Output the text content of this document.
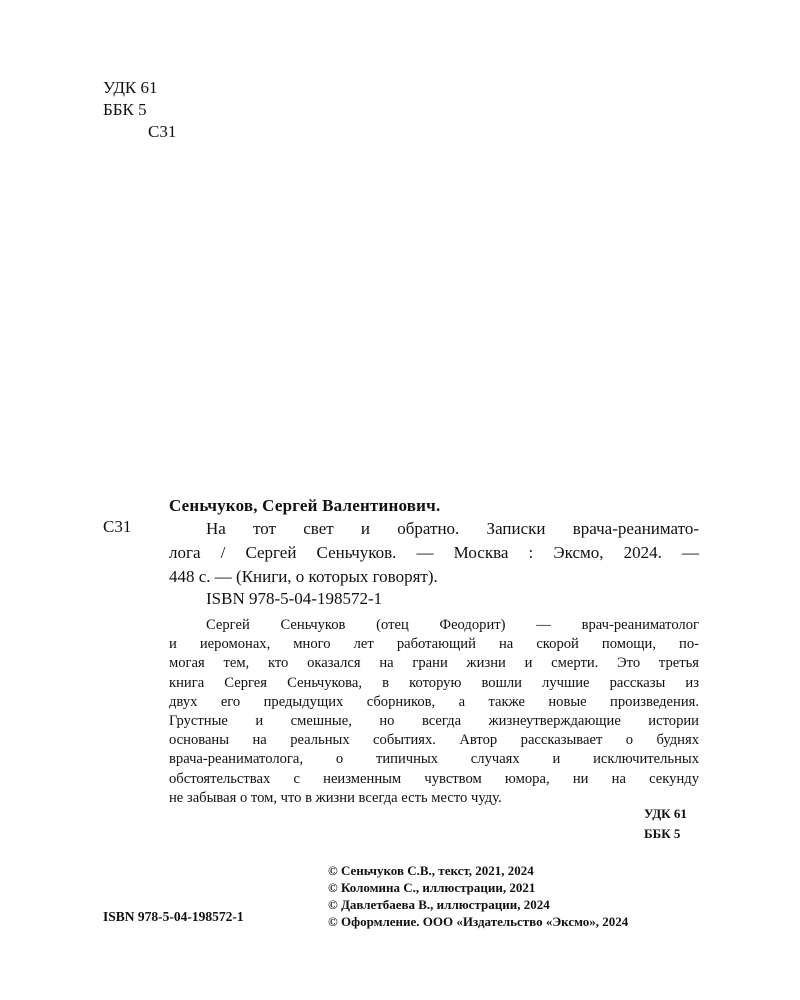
УДК 61
ББК 5
С31
Сеньчуков, Сергей Валентинович.
С31	На тот свет и обратно. Записки врача-реанимато-
лога / Сергей Сеньчуков. — Москва : Эксмо, 2024. —
448 с. — (Книги, о которых говорят).
ISBN 978-5-04-198572-1
Сергей Сеньчуков (отец Феодорит) — врач-реаниматолог
и иеромонах, много лет работающий на скорой помощи, по-
могая тем, кто оказался на грани жизни и смерти. Это третья
книга Сергея Сеньчукова, в которую вошли лучшие рассказы из
двух его предыдущих сборников, а также новые произведения.
Грустные и смешные, но всегда жизнеутверждающие истории
основаны на реальных событиях. Автор рассказывает о буднях
врача-реаниматолога, о типичных случаях и исключительных
обстоятельствах с неизменным чувством юмора, ни на секунду
не забывая о том, что в жизни всегда есть место чуду.
УДК 61
ББК 5
© Сеньчуков С.В., текст, 2021, 2024
© Коломина С., иллюстрации, 2021
© Давлетбаева В., иллюстрации, 2024
© Оформление. ООО «Издательство «Эксмо», 2024
ISBN 978-5-04-198572-1
